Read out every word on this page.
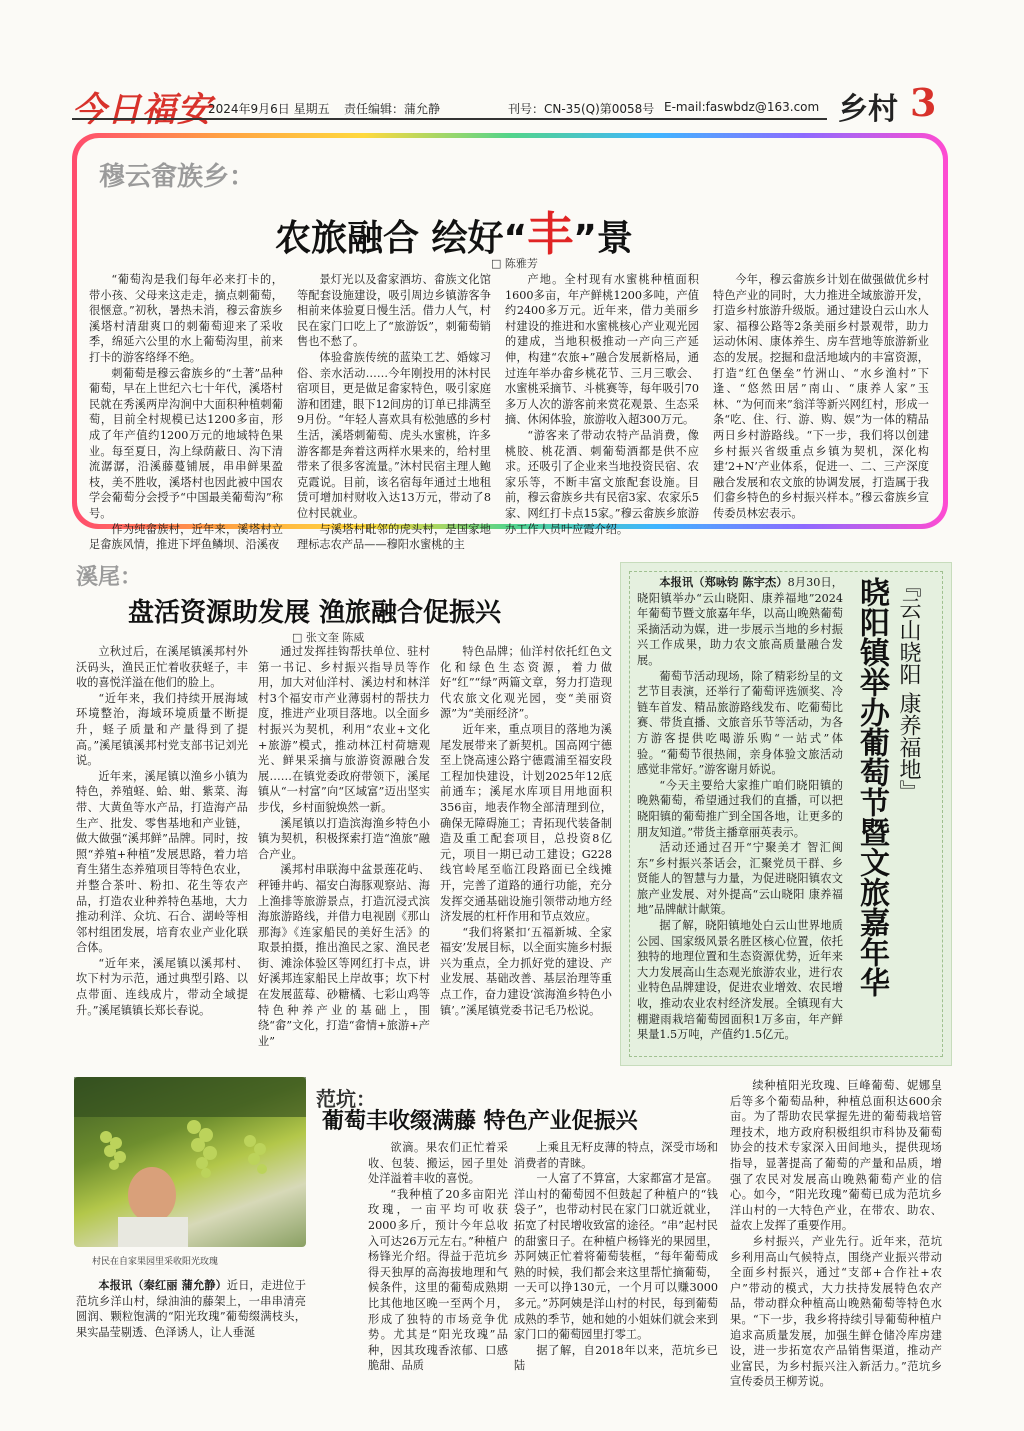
今日福安
2024年9月6日 星期五 责任编辑：蒲允静	刊号：CN-35(Q)第0058号 E-mail:faswbdz@163.com 乡村 3
穆云畲族乡：
农旅融合 绘好“丰”景
□ 陈雅芳

“葡萄沟是我们每年必来打卡的，带小孩、父母来这走走，摘点刺葡萄，很惬意。”初秋，暑热未消，穆云畲族乡溪塔村清甜爽口的刺葡萄迎来了采收季，绵延六公里的水上葡萄沟里，前来打卡的游客络绎不绝。

刺葡萄是穆云畲族乡的“土著”品种葡萄，早在上世纪六七十年代，溪塔村民就在秀溪两岸沟涧中大面积种植刺葡萄，目前全村规模已达1200多亩，形成了年产值约1200万元的地域特色果业。每至夏日，沟上绿荫蔽日、沟下清流潺潺，沿溪藤蔓铺展，串串鲜果盈枝，美不胜收，溪塔村也因此被中国农学会葡萄分会授予“中国最美葡萄沟”称号。

作为纯畲族村，近年来，溪塔村立足畲族风情，推进下坪鱼鳞坝、沿溪夜

景灯光以及畲家酒坊、畲族文化馆等配套设施建设，吸引周边乡镇游客争相前来体验夏日慢生活。借力人气，村民在家门口吃上了“旅游饭”，刺葡萄销售也不愁了。

体验畲族传统的蓝染工艺、婚嫁习俗、亲水活动……今年刚投用的沐村民宿项目，更是做足畲家特色，吸引家庭游和团建，眼下12间房的订单已排满至9月份。“年轻人喜欢具有松弛感的乡村生活，溪塔刺葡萄、虎头水蜜桃，许多游客都是奔着这两样水果来的，给村里带来了很多客流量。”沐村民宿主理人鲍克霞说。目前，该名宿每年通过土地租赁可增加村财收入达13万元，带动了8位村民就业。

与溪塔村毗邻的虎头村，是国家地理标志农产品——穆阳水蜜桃的主

产地。全村现有水蜜桃种植面积1600多亩，年产鲜桃1200多吨，产值约2400多万元。近年来，借力美丽乡村建设的推进和水蜜桃核心产业观光园的建成，当地积极推动一产向三产延伸，构建“农旅+”融合发展新格局，通过连年举办畲乡桃花节、三月三歌会、水蜜桃采摘节、斗桃赛等，每年吸引70多万人次的游客前来赏花观景、生态采摘、休闲体验，旅游收入超300万元。

“游客来了带动农特产品消费，像桃胶、桃花酒、刺葡萄酒都是供不应求。还吸引了企业来当地投资民宿、农家乐等，不断丰富文旅配套设施。目前，穆云畲族乡共有民宿3家、农家乐5家、网红打卡点15家。”穆云畲族乡旅游办工作人员叶应霞介绍。

今年，穆云畲族乡计划在做强做优乡村特色产业的同时，大力推进全域旅游开发，打造乡村旅游升级版。通过建设白云山水人家、福穆公路等2条美丽乡村景观带，助力运动休闲、康体养生、房车营地等旅游新业态的发展。挖掘和盘活地域内的丰富资源，打造“红色堡垒”竹洲山、“水乡渔村”下逢、“悠然田居”南山、“康养人家”玉林、“为何而来”翁洋等新兴网红村，形成一条“吃、住、行、游、购、娱”为一体的精品两日乡村游路线。“下一步，我们将以创建乡村振兴省级重点乡镇为契机，深化构建‘2+N’产业体系，促进一、二、三产深度融合发展和农文旅的协调发展，打造属于我们畲乡特色的乡村振兴样本。”穆云畲族乡宣传委员林宏表示。

溪尾：
盘活资源助发展 渔旅融合促振兴
□ 张文奎 陈威

立秋过后，在溪尾镇溪邦村外沃码头，渔民正忙着收获蛏子，丰收的喜悦洋溢在他们的脸上。

“近年来，我们持续开展海域环境整治，海域环境质量不断提升，蛏子质量和产量得到了提高。”溪尾镇溪邦村党支部书记刘光说。

近年来，溪尾镇以渔乡小镇为特色，养殖蛏、蛤、蚶、紫菜、海带、大黄鱼等水产品，打造海产品生产、批发、零售基地和产业链，做大做强“溪邦鲜”品牌。同时，按照“养殖+种植”发展思路，着力培育生猪生态养殖项目等特色农业，并整合茶叶、粉扣、花生等农产品，打造农业种养特色基地，大力推动利洋、众坑、石合、湖岭等相邻村组团发展，培育农业产业化联合体。

“近年来，溪尾镇以溪邦村、坎下村为示范，通过典型引路、以点带面、连线成片，带动全域提升。”溪尾镇镇长郑长春说。

通过发挥挂钩帮扶单位、驻村第一书记、乡村振兴指导员等作用，加大对仙洋村、溪边村和林洋村3个福安市产业薄弱村的帮扶力度，推进产业项目落地。以全面乡村振兴为契机，利用“农业+文化+旅游”模式，推动林江村荷塘观光、鲜果采摘与旅游资源融合发展……在镇党委政府带领下，溪尾镇从“一村富”向“区域富”迈出坚实步伐，乡村面貌焕然一新。

溪尾镇以打造滨海渔乡特色小镇为契机，积极探索打造“渔旅”融合产业。

溪邦村串联海中盆景莲花屿、秤锤井屿、福安白海豚观察站、海上渔排等旅游景点，打造沉浸式滨海旅游路线，并借力电视剧《那山那海》《连家船民的美好生活》的取景拍摄，推出渔民之家、渔民老街、滩涂体验区等网红打卡点，讲好溪邦连家船民上岸故事；坎下村在发展蓝莓、砂糖橘、七彩山鸡等特色种养产业的基础上，围绕“畲”文化，打造“畲情+旅游+产业”

特色品牌；仙洋村依托红色文化和绿色生态资源，着力做好“红”“绿”两篇文章，努力打造现代农旅文化观光园，变“美丽资源”为“美丽经济”。

近年来，重点项目的落地为溪尾发展带来了新契机。国高网宁德至上饶高速公路宁德霞浦至福安段工程加快建设，计划2025年12底前通车；溪尾水库项目用地面积356亩，地表作物全部清理到位，确保无障碍施工；青拓现代装备制造及重工配套项目，总投资8亿元，项目一期已动工建设；G228线官岭尾至临江段路面已全线摊开，完善了道路的通行功能，充分发挥交通基础设施引领带动地方经济发展的杠杆作用和节点效应。

“我们将紧扣‘五福新城、全家福安’发展目标，以全面实施乡村振兴为重点，全力抓好党的建设、产业发展、基础改善、基层治理等重点工作，奋力建设‘滨海渔乡特色小镇’。”溪尾镇党委书记毛乃松说。

本报讯（郑咏钧 陈宇杰）8月30日，晓阳镇举办“云山晓阳、康养福地”2024年葡萄节暨文旅嘉年华，以高山晚熟葡萄采摘活动为媒，进一步展示当地的乡村振兴工作成果，助力农文旅高质量融合发展。

葡萄节活动现场，除了精彩纷呈的文艺节目表演，还举行了葡萄评选颁奖、冷链车首发、精品旅游路线发布、吃葡萄比赛、带货直播、文旅音乐节等活动，为各方游客提供吃喝游乐购“一站式”体验。“葡萄节很热闹，亲身体验文旅活动感觉非常好。”游客谢月娇说。

“今天主要给大家推广咱们晓阳镇的晚熟葡萄，希望通过我们的直播，可以把晓阳镇的葡萄推广到全国各地，让更多的朋友知道。”带货主播章丽英表示。

活动还通过召开“宁聚美才 智汇闽东”乡村振兴茶话会，汇聚党员干群、乡贤能人的智慧与力量，为促进晓阳镇农文旅产业发展、对外提高“云山晓阳 康养福地”品牌献计献策。

据了解，晓阳镇地处白云山世界地质公园、国家级风景名胜区核心位置，依托独特的地理位置和生态资源优势，近年来大力发展高山生态观光旅游农业，进行农业特色品牌建设，促进农业增效、农民增收，推动农业农村经济发展。全镇现有大棚避雨栽培葡萄园面积1万多亩，年产鲜果量1.5万吨，产值约1.5亿元。

『云山晓阳 康养福地』
晓阳镇举办葡萄节暨文旅嘉年华
村民在自家果园里采收阳光玫瑰
范坑：
葡萄丰收缀满藤 特色产业促振兴

本报讯（秦红丽 蒲允静）近日，走进位于范坑乡洋山村，绿油油的藤架上，一串串清亮圆润、颗粒饱满的“阳光玫瑰”葡萄缀满枝头，果实晶莹剔透、色泽诱人，让人垂涎

欲滴。果农们正忙着采收、包装、搬运，园子里处处洋溢着丰收的喜悦。

“我种植了20多亩阳光玫瑰，一亩平均可收获2000多斤，预计今年总收入可达26万元左右。”种植户杨锋光介绍。得益于范坑乡得天独厚的高海拔地理和气候条件，这里的葡萄成熟期比其他地区晚一至两个月，形成了独特的市场竞争优势。尤其是“阳光玫瑰”品种，因其玫瑰香浓郁、口感脆甜、品质

上乘且无籽皮薄的特点，深受市场和消费者的青睐。

一人富了不算富，大家都富才是富。洋山村的葡萄园不但鼓起了种植户的“钱袋子”，也带动村民在家门口就近就业，拓宽了村民增收致富的途径。“串”起村民的甜蜜日子。在种植户杨锋光的果园里，苏阿姨正忙着将葡萄装框，“每年葡萄成熟的时候，我们都会来这里帮忙摘葡萄，一天可以挣130元，一个月可以赚3000多元。”苏阿姨是洋山村的村民，每到葡萄成熟的季节，她和她的小姐妹们就会来到家门口的葡萄园里打零工。

据了解，自2018年以来，范坑乡已陆

续种植阳光玫瑰、巨峰葡萄、妮娜皇后等多个葡萄品种，种植总面积达600余亩。为了帮助农民掌握先进的葡萄栽培管理技术，地方政府积极组织市科协及葡萄协会的技术专家深入田间地头，提供现场指导，显著提高了葡萄的产量和品质，增强了农民对发展高山晚熟葡萄产业的信心。如今，“阳光玫瑰”葡萄已成为范坑乡洋山村的一大特色产业，在带农、助农、益农上发挥了重要作用。

乡村振兴，产业先行。近年来，范坑乡利用高山气候特点，围绕产业振兴带动全面乡村振兴，通过“支部+合作社+农户”带动的模式，大力扶持发展特色农产品，带动群众种植高山晚熟葡萄等特色水果。“下一步，我乡将持续引导葡萄种植户追求高质量发展，加强生鲜仓储冷库房建设，进一步拓宽农产品销售渠道，推动产业富民，为乡村振兴注入新活力。”范坑乡宣传委员王柳芳说。
